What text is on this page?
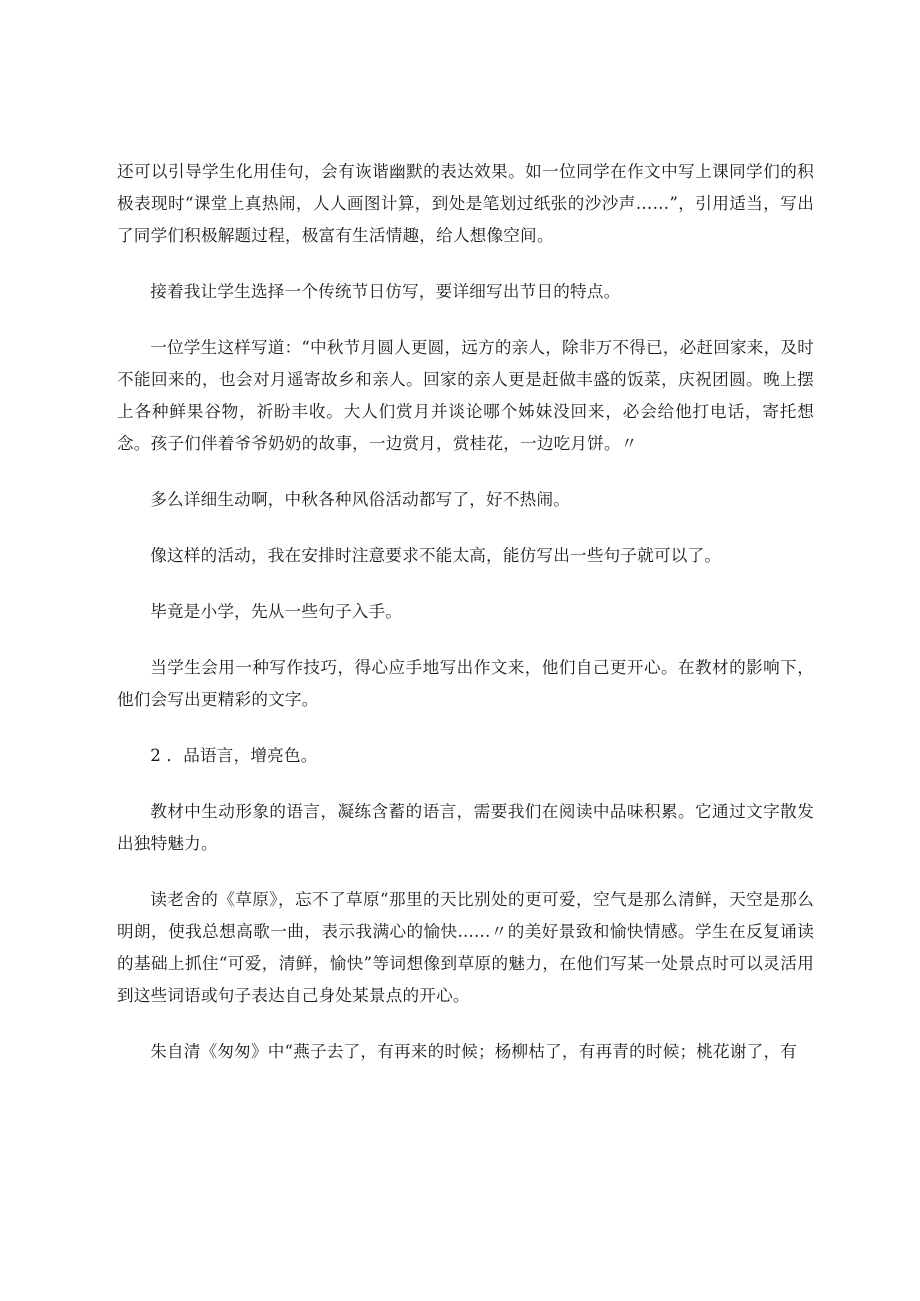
还可以引导学生化用佳句，会有诙谐幽默的表达效果。如一位同学在作文中写上课同学们的积极表现时“课堂上真热闹，人人画图计算，到处是笔划过纸张的沙沙声……”，引用适当，写出了同学们积极解题过程，极富有生活情趣，给人想像空间。

接着我让学生选择一个传统节日仿写，要详细写出节日的特点。

一位学生这样写道：“中秋节月圆人更圆，远方的亲人，除非万不得已，必赶回家来，及时不能回来的，也会对月遥寄故乡和亲人。回家的亲人更是赶做丰盛的饭菜，庆祝团圆。晚上摆上各种鲜果谷物，祈盼丰收。大人们赏月并谈论哪个姊妹没回来，必会给他打电话，寄托想念。孩子们伴着爷爷奶奶的故事，一边赏月，赏桂花，一边吃月饼。〃

多么详细生动啊，中秋各种风俗活动都写了，好不热闹。

像这样的活动，我在安排时注意要求不能太高，能仿写出一些句子就可以了。

毕竟是小学，先从一些句子入手。

当学生会用一种写作技巧，得心应手地写出作文来，他们自己更开心。在教材的影响下，他们会写出更精彩的文字。

2 ．品语言，增亮色。

教材中生动形象的语言，凝练含蓄的语言，需要我们在阅读中品味积累。它通过文字散发出独特魅力。

读老舍的《草原》，忘不了草原“那里的天比别处的更可爱，空气是那么清鲜，天空是那么明朗，使我总想高歌一曲，表示我满心的愉快......〃的美好景致和愉快情感。学生在反复诵读的基础上抓住“可爱，清鲜，愉快”等词想像到草原的魅力，在他们写某一处景点时可以灵活用到这些词语或句子表达自己身处某景点的开心。

朱自清《匆匆》中“燕子去了，有再来的时候；杨柳枯了，有再青的时候；桃花谢了，有
